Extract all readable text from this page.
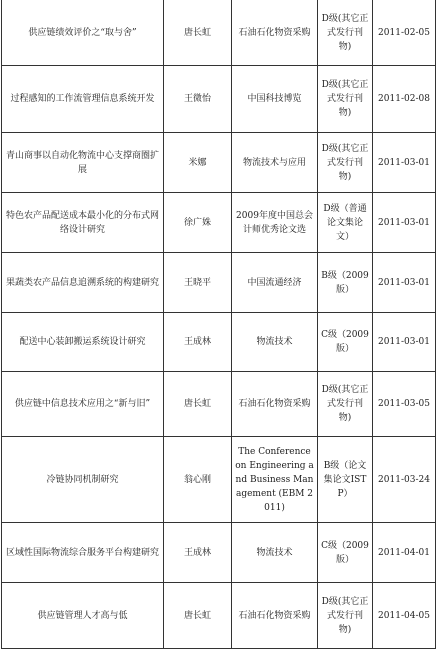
供应链绩效评价之“取与舍”	唐长虹	石油石化物资采购	D级(其它正式发行刊物)	2011-02-05
过程感知的工作流管理信息系统开发	王微怡	中国科技博览	D级(其它正式发行刊物)	2011-02-08
青山商事以自动化物流中心支撑商圈扩展	米娜	物流技术与应用	D级(其它正式发行刊物)	2011-03-01
特色农产品配送成本最小化的分布式网络设计研究	徐广姝	2009年度中国总会计师优秀论文选	D级（普通论文集论文）	2011-03-01
果蔬类农产品信息追溯系统的构建研究	王晓平	中国流通经济	B级（2009版）	2011-03-01
配送中心装卸搬运系统设计研究	王成林	物流技术	C级（2009版）	2011-03-01
供应链中信息技术应用之“新与旧”	唐长虹	石油石化物资采购	D级(其它正式发行刊物)	2011-03-05
冷链协同机制研究	翁心刚	The Conference on Engineering and Business Management (EBM 2011)	B级（论文集论文ISTP）	2011-03-24
区域性国际物流综合服务平台构建研究	王成林	物流技术	C级（2009版）	2011-04-01
供应链管理人才高与低	唐长虹	石油石化物资采购	D级(其它正式发行刊物)	2011-04-05
